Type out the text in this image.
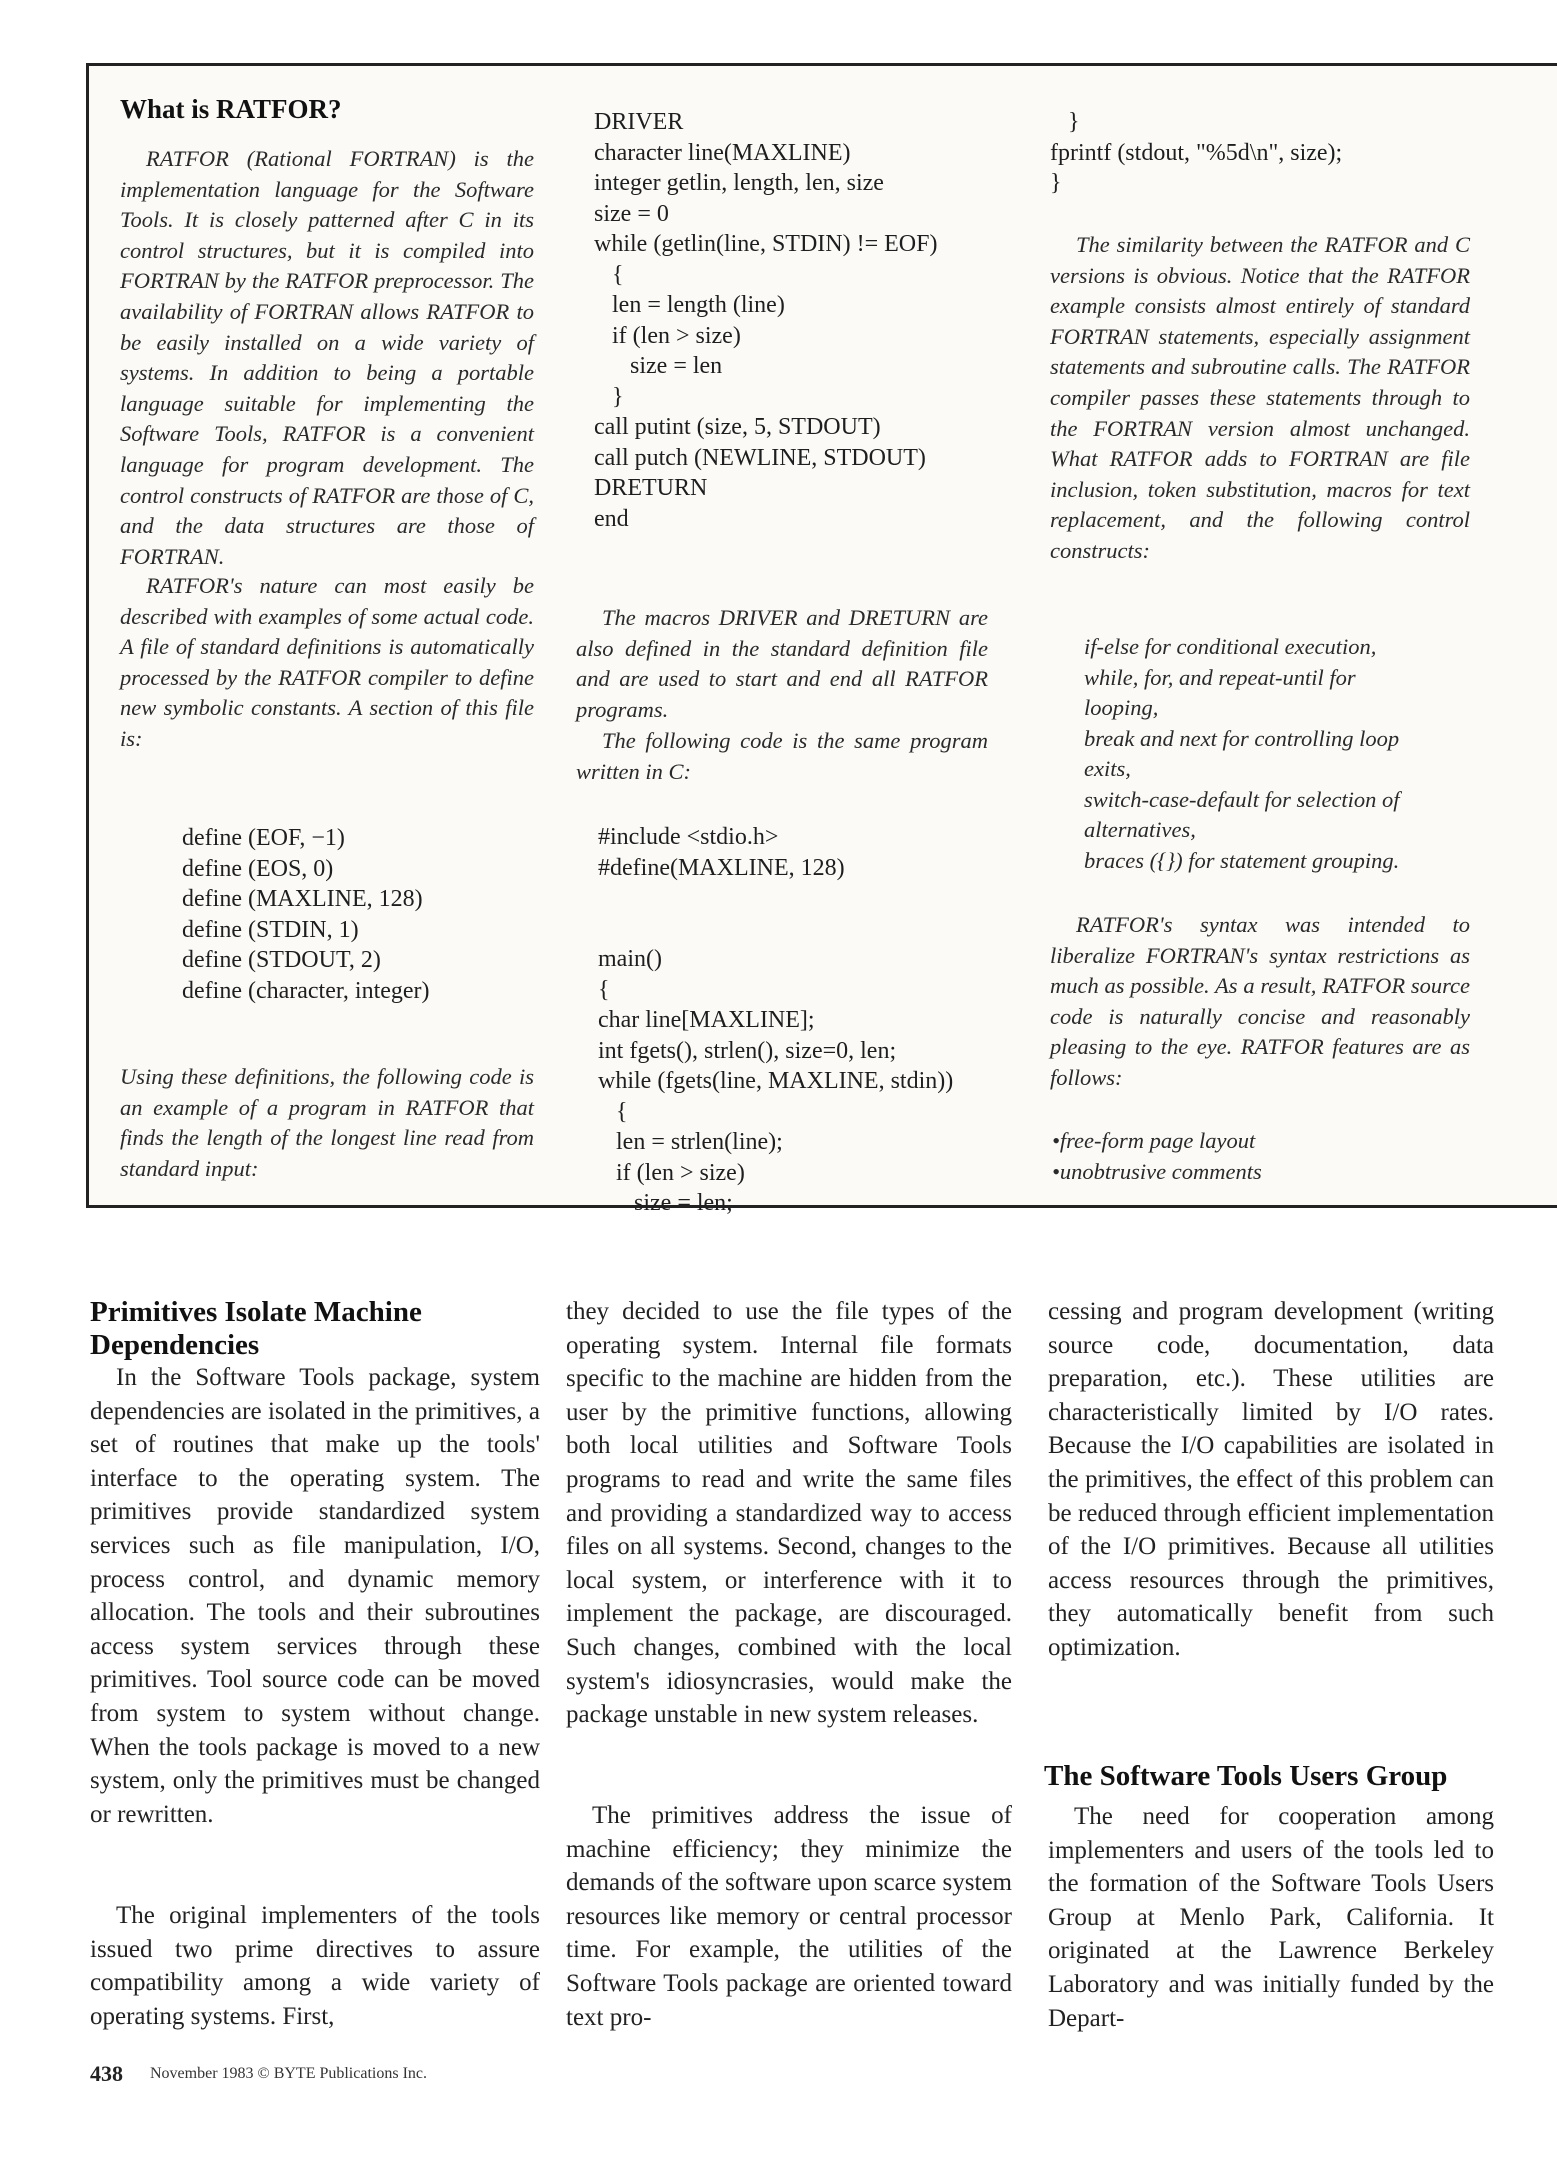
What is RATFOR?
RATFOR (Rational FORTRAN) is the implementation language for the Software Tools. It is closely patterned after C in its control structures, but it is compiled into FORTRAN by the RATFOR preprocessor. The availability of FORTRAN allows RATFOR to be easily installed on a wide variety of systems. In addition to being a portable language suitable for implementing the Software Tools, RATFOR is a convenient language for program development. The control constructs of RATFOR are those of C, and the data structures are those of FORTRAN.
RATFOR's nature can most easily be described with examples of some actual code. A file of standard definitions is automatically processed by the RATFOR compiler to define new symbolic constants. A section of this file is:
define (EOF, −1)
define (EOS, 0)
define (MAXLINE, 128)
define (STDIN, 1)
define (STDOUT, 2)
define (character, integer)
Using these definitions, the following code is an example of a program in RATFOR that finds the length of the longest line read from standard input:
DRIVER
character line(MAXLINE)
integer getlin, length, len, size
size = 0
while (getlin(line, STDIN) != EOF)
{
len = length (line)
if (len > size)
size = len
}
call putint (size, 5, STDOUT)
call putch (NEWLINE, STDOUT)
DRETURN
end
The macros DRIVER and DRETURN are also defined in the standard definition file and are used to start and end all RATFOR programs.
The following code is the same program written in C:
#include <stdio.h>
#define(MAXLINE, 128)

main()
{
char line[MAXLINE];
int fgets(), strlen(), size=0, len;
while (fgets(line, MAXLINE, stdin))
{
len = strlen(line);
if (len > size)
size = len;
}
fprintf (stdout, "%5d\n", size);
}
The similarity between the RATFOR and C versions is obvious. Notice that the RATFOR example consists almost entirely of standard FORTRAN statements, especially assignment statements and subroutine calls. The RATFOR compiler passes these statements through to the FORTRAN version almost unchanged. What RATFOR adds to FORTRAN are file inclusion, token substitution, macros for text replacement, and the following control constructs:
if-else for conditional execution,
while, for, and repeat-until for
looping,
break and next for controlling loop
exits,
switch-case-default for selection of
alternatives,
braces ({}) for statement grouping.
RATFOR's syntax was intended to liberalize FORTRAN's syntax restrictions as much as possible. As a result, RATFOR source code is naturally concise and reasonably pleasing to the eye. RATFOR features are as follows:
•free-form page layout
•unobtrusive comments
Primitives Isolate Machine Dependencies
In the Software Tools package, system dependencies are isolated in the primitives, a set of routines that make up the tools' interface to the operating system. The primitives provide standardized system services such as file manipulation, I/O, process control, and dynamic memory allocation. The tools and their subroutines access system services through these primitives. Tool source code can be moved from system to system without change. When the tools package is moved to a new system, only the primitives must be changed or rewritten.
The original implementers of the tools issued two prime directives to assure compatibility among a wide variety of operating systems. First,
they decided to use the file types of the operating system. Internal file formats specific to the machine are hidden from the user by the primitive functions, allowing both local utilities and Software Tools programs to read and write the same files and providing a standardized way to access files on all systems. Second, changes to the local system, or interference with it to implement the package, are discouraged. Such changes, combined with the local system's idiosyncrasies, would make the package unstable in new system releases.
The primitives address the issue of machine efficiency; they minimize the demands of the software upon scarce system resources like memory or central processor time. For example, the utilities of the Software Tools package are oriented toward text pro-
cessing and program development (writing source code, documentation, data preparation, etc.). These utilities are characteristically limited by I/O rates. Because the I/O capabilities are isolated in the primitives, the effect of this problem can be reduced through efficient implementation of the I/O primitives. Because all utilities access resources through the primitives, they automatically benefit from such optimization.
The Software Tools Users Group
The need for cooperation among implementers and users of the tools led to the formation of the Software Tools Users Group at Menlo Park, California. It originated at the Lawrence Berkeley Laboratory and was initially funded by the Depart-
438 November 1983 © BYTE Publications Inc.
